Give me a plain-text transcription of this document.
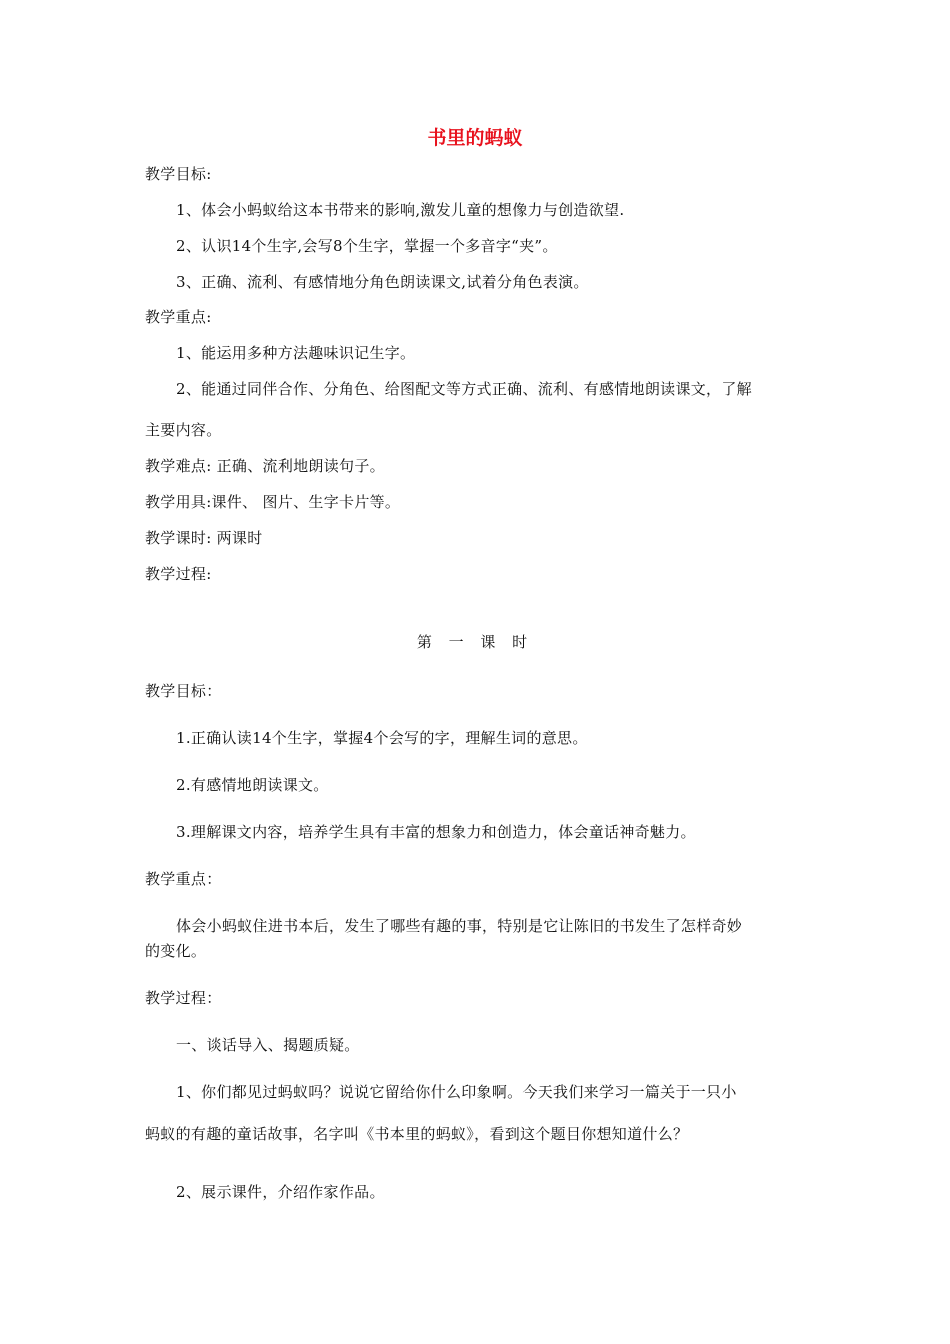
书里的蚂蚁

教学目标:

1、体会小蚂蚁给这本书带来的影响,激发儿童的想像力与创造欲望.

2、认识14个生字,会写8个生字，掌握一个多音字“夹”。

3、正确、流利、有感情地分角色朗读课文,试着分角色表演。

教学重点:

1、能运用多种方法趣味识记生字。

2、能通过同伴合作、分角色、给图配文等方式正确、流利、有感情地朗读课文，了解

主要内容。

教学难点: 正确、流利地朗读句子。

教学用具:课件、 图片、生字卡片等。

教学课时: 两课时

教学过程:

第 一 课 时

教学目标：

1.正确认读14个生字，掌握4个会写的字，理解生词的意思。

2.有感情地朗读课文。

3.理解课文内容，培养学生具有丰富的想象力和创造力，体会童话神奇魅力。

教学重点：

体会小蚂蚁住进书本后，发生了哪些有趣的事，特别是它让陈旧的书发生了怎样奇妙

的变化。

教学过程：

一、谈话导入、揭题质疑。

1、你们都见过蚂蚁吗？说说它留给你什么印象啊。今天我们来学习一篇关于一只小

蚂蚁的有趣的童话故事，名字叫《书本里的蚂蚁》，看到这个题目你想知道什么？

2、展示课件，介绍作家作品。
